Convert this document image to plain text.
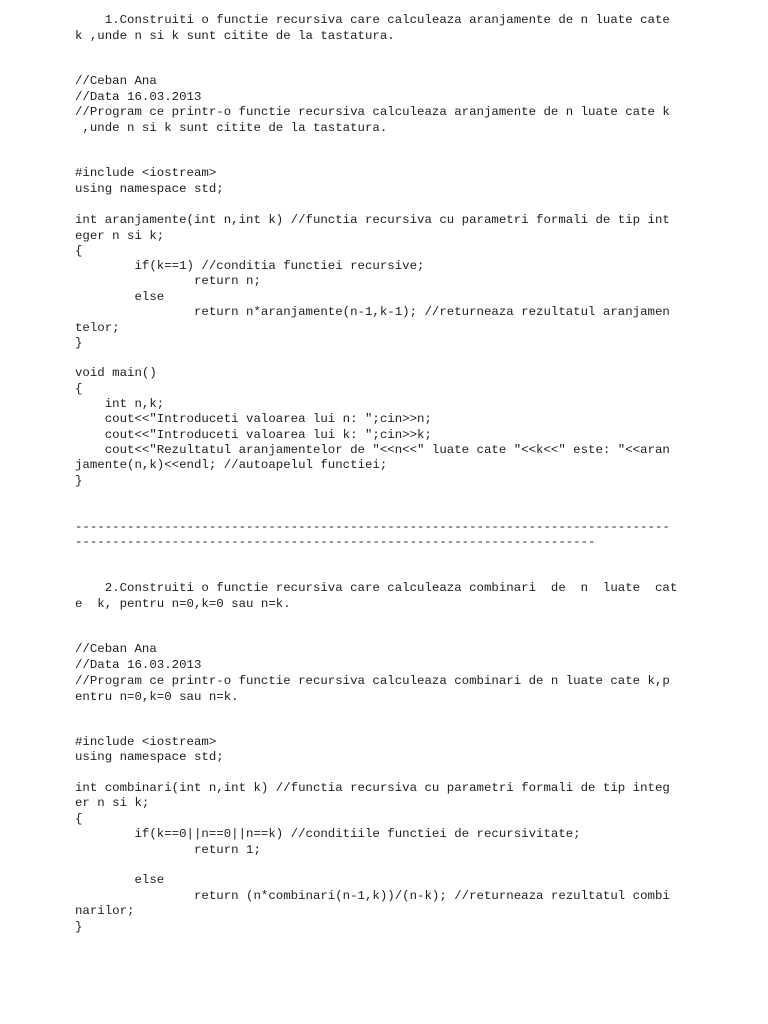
1.Construiti o functie recursiva care calculeaza aranjamente de n luate cate
k ,unde n si k sunt citite de la tastatura.
//Ceban Ana
//Data 16.03.2013
//Program ce printr-o functie recursiva calculeaza aranjamente de n luate cate k
,unde n si k sunt citite de la tastatura.
#include <iostream>
using namespace std;
int aranjamente(int n,int k) //functia recursiva cu parametri formali de tip int
eger n si k;
{
if(k==1) //conditia functiei recursive;
return n;
else
return n*aranjamente(n-1,k-1); //returneaza rezultatul aranjamen
telor;
}
void main()
{
int n,k;
cout<<"Introduceti valoarea lui n: ";cin>>n;
cout<<"Introduceti valoarea lui k: ";cin>>k;
cout<<"Rezultatul aranjamentelor de "<<n<<" luate cate "<<k<<" este: "<<aran
jamente(n,k)<<endl; //autoapelul functiei;
}
--------------------------------------------------------------------------------
----------------------------------------------------------------------
2.Construiti o functie recursiva care calculeaza combinari  de  n  luate  cat
e  k, pentru n=0,k=0 sau n=k.
//Ceban Ana
//Data 16.03.2013
//Program ce printr-o functie recursiva calculeaza combinari de n luate cate k,p
entru n=0,k=0 sau n=k.
#include <iostream>
using namespace std;
int combinari(int n,int k) //functia recursiva cu parametri formali de tip integ
er n si k;
{
if(k==0||n==0||n==k) //conditiile functiei de recursivitate;
return 1;
else
return (n*combinari(n-1,k))/(n-k); //returneaza rezultatul combi
narilor;
}
